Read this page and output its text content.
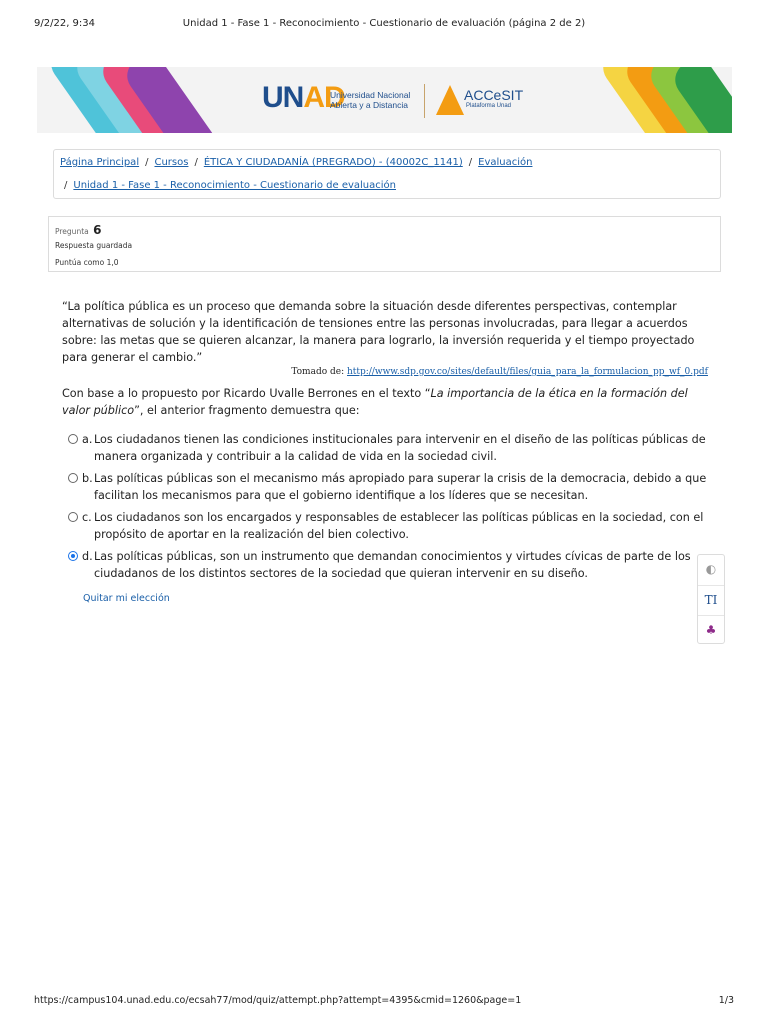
9/2/22, 9:34	Unidad 1 - Fase 1 - Reconocimiento - Cuestionario de evaluación (página 2 de 2)
UNAD
Universidad Nacional
Abierta y a Distancia
ACCeSIT
Plataforma Unad
Página Principal / Cursos / ÉTICA Y CIUDADANÍA (PREGRADO) - (40002C_1141) / Evaluación
/ Unidad 1 - Fase 1 - Reconocimiento - Cuestionario de evaluación
Pregunta 6
Respuesta guardada
Puntúa como 1,0

“La política pública es un proceso que demanda sobre la situación desde diferentes perspectivas, contemplar alternativas de solución y la identificación de tensiones entre las personas involucradas, para llegar a acuerdos sobre: las metas que se quieren alcanzar, la manera para lograrlo, la inversión requerida y el tiempo proyectado para generar el cambio.”

Tomado de: http://www.sdp.gov.co/sites/default/files/guia_para_la_formulacion_pp_wf_0.pdf

Con base a lo propuesto por Ricardo Uvalle Berrones en el texto “La importancia de la ética en la formación del valor público”, el anterior fragmento demuestra que:

a. Los ciudadanos tienen las condiciones institucionales para intervenir en el diseño de las políticas públicas de manera organizada y contribuir a la calidad de vida en la sociedad civil.
b. Las políticas públicas son el mecanismo más apropiado para superar la crisis de la democracia, debido a que facilitan los mecanismos para que el gobierno identifique a los líderes que se necesitan.
c. Los ciudadanos son los encargados y responsables de establecer las políticas públicas en la sociedad, con el propósito de aportar en la realización del bien colectivo.
d. Las políticas públicas, son un instrumento que demandan conocimientos y virtudes cívicas de parte de los ciudadanos de los distintos sectores de la sociedad que quieran intervenir en su diseño.
Quitar mi elección
◐
TI
♣
https://campus104.unad.edu.co/ecsah77/mod/quiz/attempt.php?attempt=4395&cmid=1260&page=1	1/3
